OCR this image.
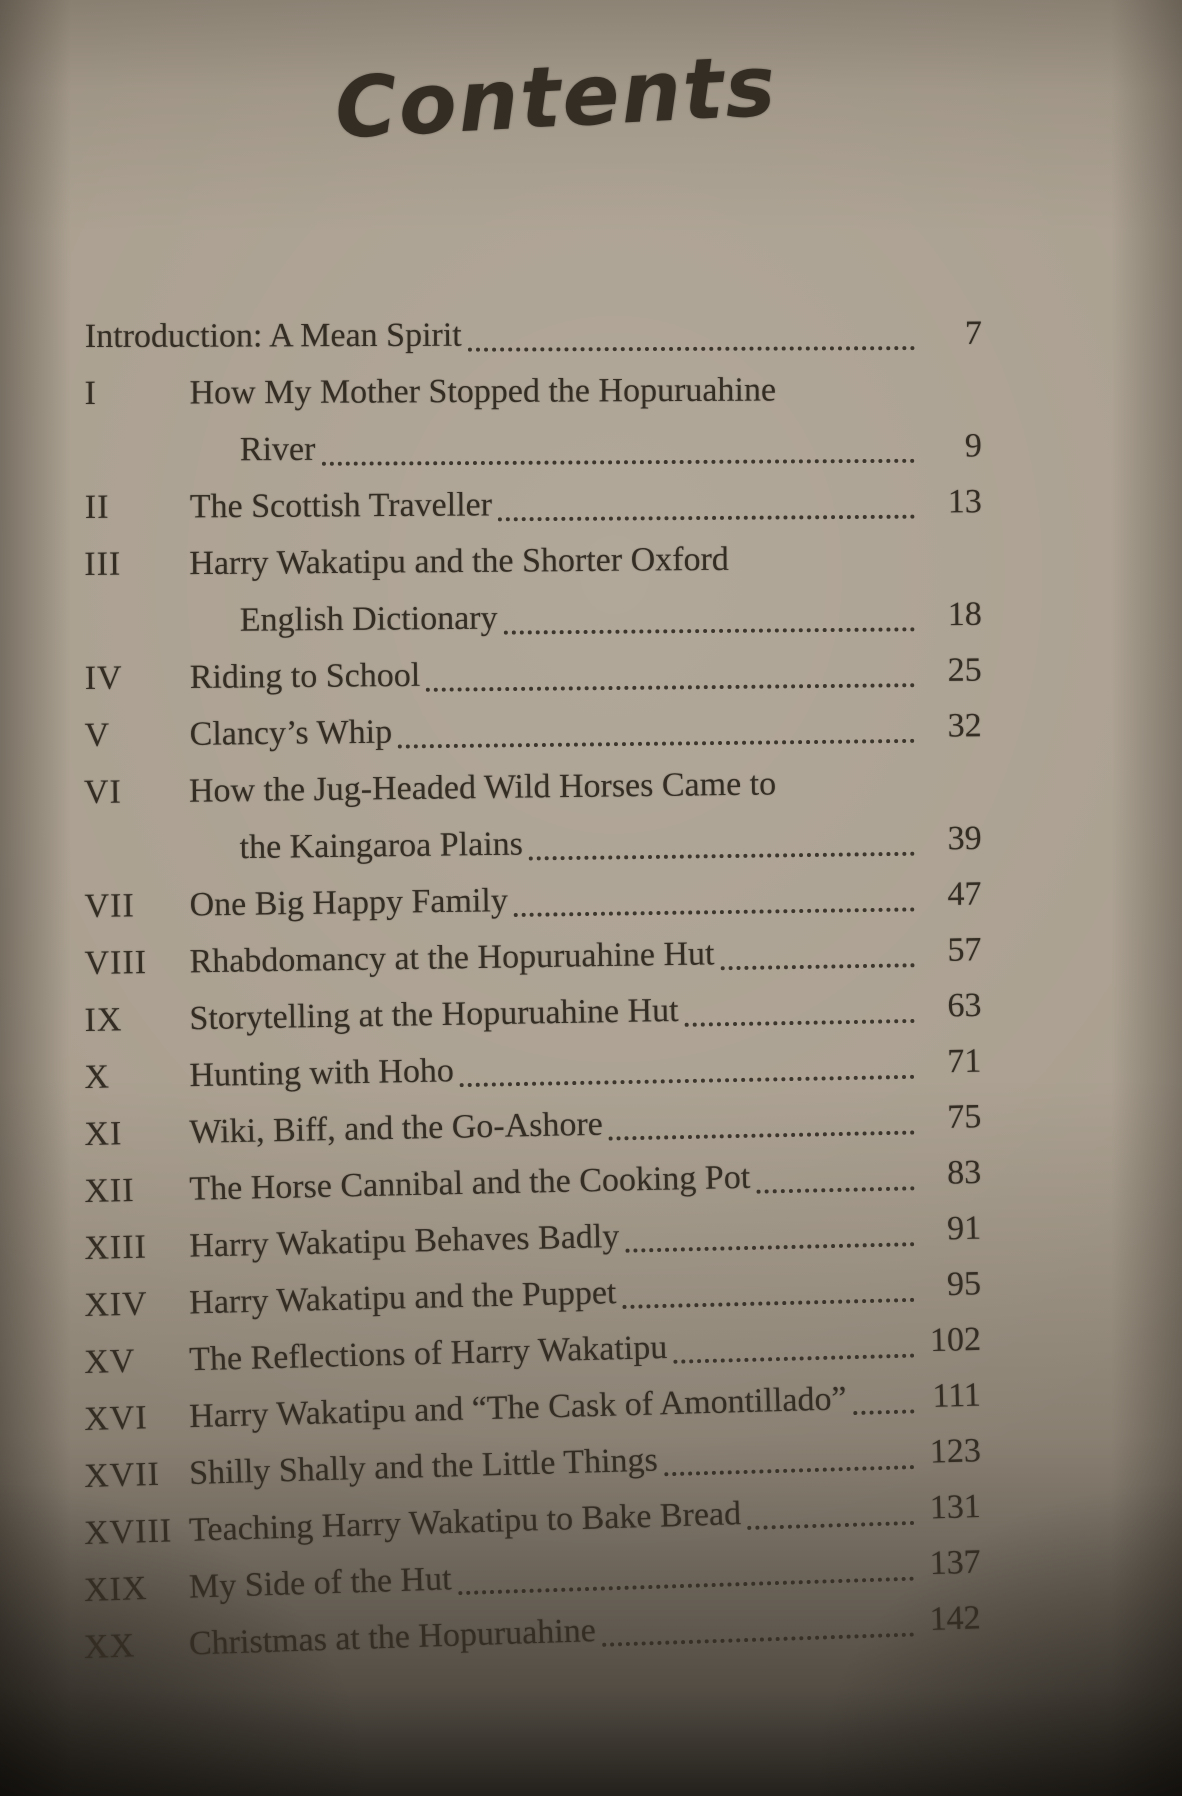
Contents
Introduction: A Mean Spirit	7
I	How My Mother Stopped the Hopuruahine
River	9
II	The Scottish Traveller	13
III	Harry Wakatipu and the Shorter Oxford
English Dictionary	18
IV	Riding to School	25
V	Clancy’s Whip	32
VI	How the Jug-Headed Wild Horses Came to
the Kaingaroa Plains	39
VII	One Big Happy Family	47
VIII	Rhabdomancy at the Hopuruahine Hut	57
IX	Storytelling at the Hopuruahine Hut	63
X	Hunting with Hoho	71
XI	Wiki, Biff, and the Go-Ashore	75
XII	The Horse Cannibal and the Cooking Pot	83
XIII	Harry Wakatipu Behaves Badly	91
XIV	Harry Wakatipu and the Puppet	95
XV	The Reflections of Harry Wakatipu	102
XVI	Harry Wakatipu and “The Cask of Amontillado”	111
XVII Shilly Shally and the Little Things	123
XVIII Teaching Harry Wakatipu to Bake Bread	131
XIX	My Side of the Hut	137
XX	Christmas at the Hopuruahine	142
